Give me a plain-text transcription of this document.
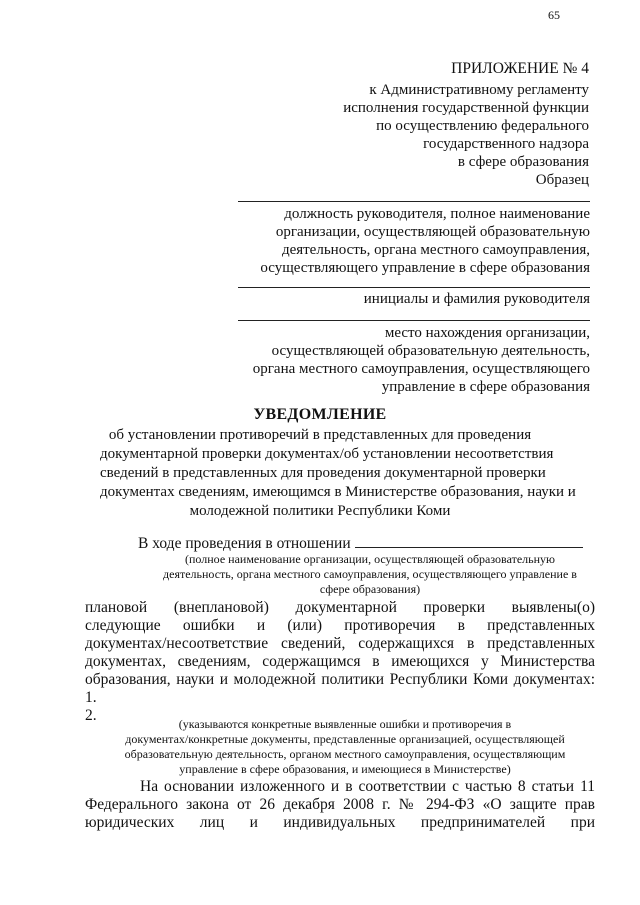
65
ПРИЛОЖЕНИЕ № 4
к Административному регламенту
исполнения государственной функции
по осуществлению федерального
государственного надзора
в сфере образования
Образец
должность руководителя, полное наименование
организации, осуществляющей образовательную
деятельность, органа местного самоуправления,
осуществляющего управление в сфере образования
инициалы и фамилия руководителя
место нахождения организации,
осуществляющей образовательную деятельность,
органа местного самоуправления, осуществляющего
управление в сфере образования
УВЕДОМЛЕНИЕ
об установлении противоречий в представленных для проведения
документарной проверки документах/об установлении несоответствия
сведений в представленных для проведения документарной проверки
документах сведениям, имеющимся в Министерстве образования, науки и
молодежной политики Республики Коми
В ходе проведения в отношении
(полное наименование организации, осуществляющей образовательную
деятельность, органа местного самоуправления, осуществляющего управление в
сфере образования)
плановой (внеплановой) документарной проверки выявлены(о)
следующие ошибки и (или) противоречия в представленных
документах/несоответствие сведений, содержащихся в представленных
документах, сведениям, содержащимся в имеющихся у Министерства
образования, науки и молодежной политики Республики Коми документах:
1.
2.	(указываются конкретные выявленные ошибки и противоречия в
документах/конкретные документы, представленные организацией, осуществляющей
образовательную деятельность, органом местного самоуправления, осуществляющим
управление в сфере образования, и имеющиеся в Министерстве)
На основании изложенного и в соответствии с частью 8 статьи 11
Федерального закона от 26 декабря 2008 г. № 294-ФЗ «О защите прав
юридических лиц и индивидуальных предпринимателей при
